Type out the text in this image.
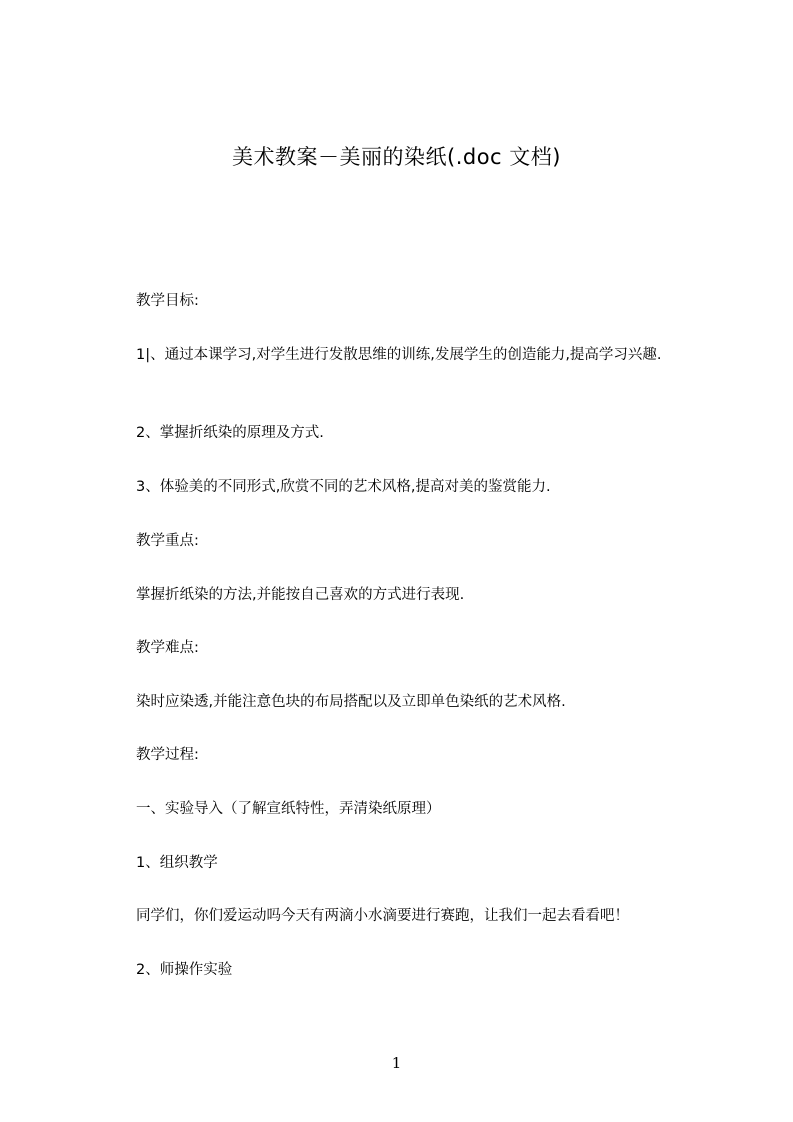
美术教案－美丽的染纸(.doc 文档)
教学目标:
1|、通过本课学习,对学生进行发散思维的训练,发展学生的创造能力,提高学习兴趣.
2、掌握折纸染的原理及方式.
3、体验美的不同形式,欣赏不同的艺术风格,提高对美的鉴赏能力.
教学重点:
掌握折纸染的方法,并能按自己喜欢的方式进行表现.
教学难点:
染时应染透,并能注意色块的布局搭配以及立即单色染纸的艺术风格.
教学过程:
一、实验导入（了解宣纸特性，弄清染纸原理）
1、组织教学
同学们，你们爱运动吗今天有两滴小水滴要进行赛跑，让我们一起去看看吧！
2、师操作实验
1
